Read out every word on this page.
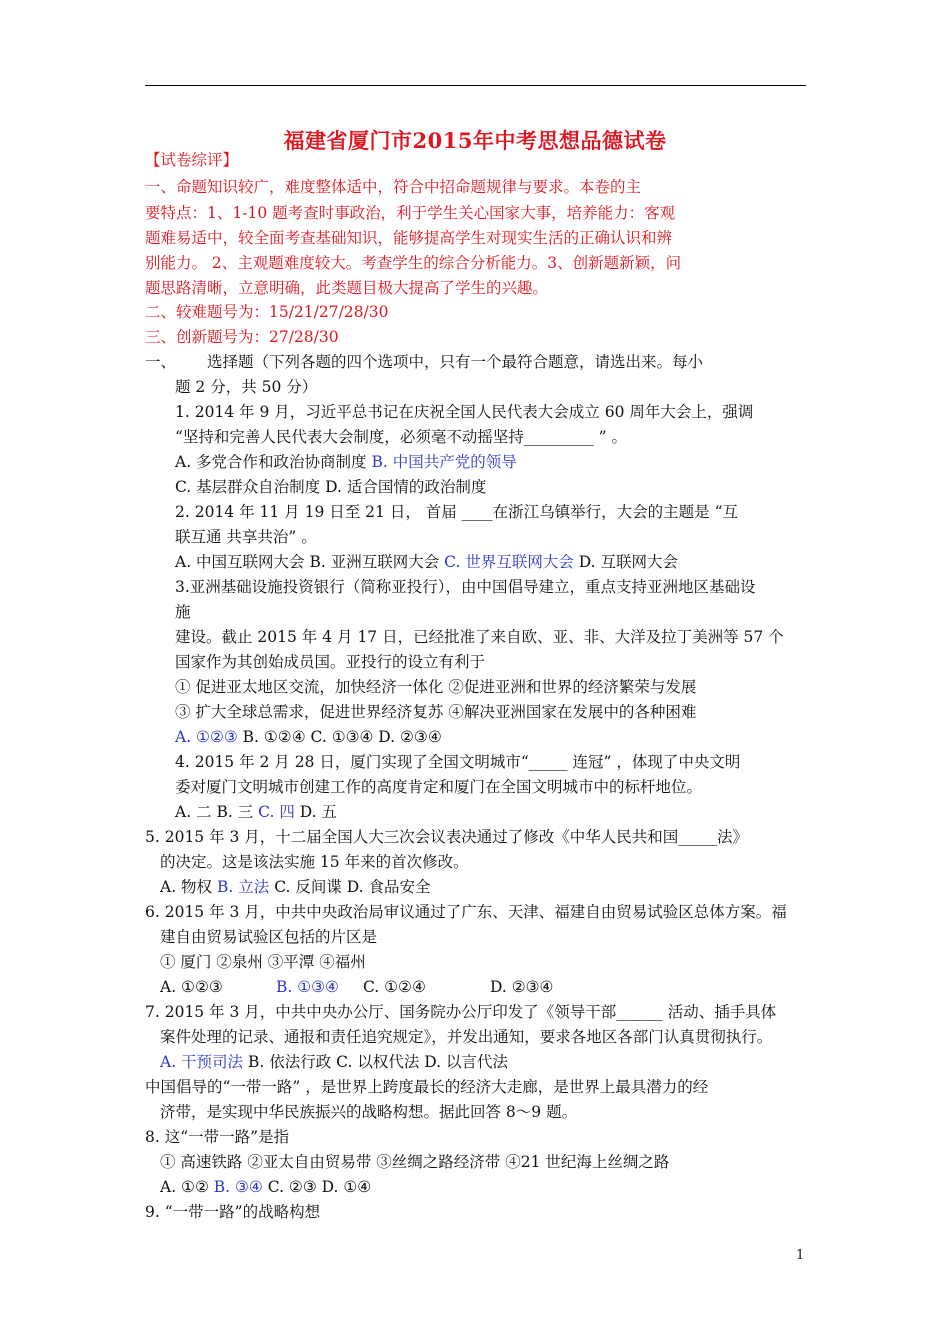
福建省厦门市2015年中考思想品德试卷
【试卷综评】
一、命题知识较广，难度整体适中，符合中招命题规律与要求。本卷的主
要特点：1、1-10 题考查时事政治，利于学生关心国家大事，培养能力：客观
题难易适中，较全面考查基础知识，能够提高学生对现实生活的正确认识和辨
别能力。 2、主观题难度较大。考查学生的综合分析能力。3、创新题新颖，问
题思路清晰，立意明确，此类题目极大提高了学生的兴趣。
二、较难题号为：15/21/27/28/30
三、创新题号为：27/28/30
一、 选择题（下列各题的四个选项中，只有一个最符合题意，请选出来。每小
题 2 分，共 50 分）
1. 2014 年 9 月，习近平总书记在庆祝全国人民代表大会成立 60 周年大会上，强调
“坚持和完善人民代表大会制度，必须毫不动摇坚持_________ ” 。
A. 多党合作和政治协商制度 B. 中国共产党的领导
C. 基层群众自治制度 D. 适合国情的政治制度
2. 2014 年 11 月 19 日至 21 日， 首届 ____在浙江乌镇举行，大会的主题是 “互
联互通 共享共治” 。
A. 中国互联网大会 B. 亚洲互联网大会 C. 世界互联网大会 D. 互联网大会
3.亚洲基础设施投资银行（简称亚投行），由中国倡导建立，重点支持亚洲地区基础设
施
建设。截止 2015 年 4 月 17 日，已经批准了来自欧、亚、非、大洋及拉丁美洲等 57 个
国家作为其创始成员国。亚投行的设立有利于
① 促进亚太地区交流，加快经济一体化 ②促进亚洲和世界的经济繁荣与发展
③ 扩大全球总需求，促进世界经济复苏 ④解决亚洲国家在发展中的各种困难
A. ①②③ B. ①②④ C. ①③④ D. ②③④
4. 2015 年 2 月 28 日，厦门实现了全国文明城市“_____ 连冠” ，体现了中央文明
委对厦门文明城市创建工作的高度肯定和厦门在全国文明城市中的标杆地位。
A. 二 B. 三 C. 四 D. 五
5. 2015 年 3 月，十二届全国人大三次会议表决通过了修改《中华人民共和国_____法》
的决定。这是该法实施 15 年来的首次修改。
A. 物权 B. 立法 C. 反间谍 D. 食品安全
6. 2015 年 3 月，中共中央政治局审议通过了广东、天津、福建自由贸易试验区总体方案。福
建自由贸易试验区包括的片区是
① 厦门 ②泉州 ③平潭 ④福州
A. ①②③	B. ①③④ C. ①②④	D. ②③④
7. 2015 年 3 月，中共中央办公厅、国务院办公厅印发了《领导干部______ 活动、插手具体
案件处理的记录、通报和责任追究规定》，并发出通知，要求各地区各部门认真贯彻执行。
A. 干预司法 B. 依法行政 C. 以权代法 D. 以言代法
中国倡导的“一带一路” ，是世界上跨度最长的经济大走廊，是世界上最具潜力的经
济带，是实现中华民族振兴的战略构想。据此回答 8～9 题。
8. 这“一带一路”是指
① 高速铁路 ②亚太自由贸易带 ③丝绸之路经济带 ④21 世纪海上丝绸之路
A. ①② B. ③④ C. ②③ D. ①④
9. “一带一路”的战略构想
1
